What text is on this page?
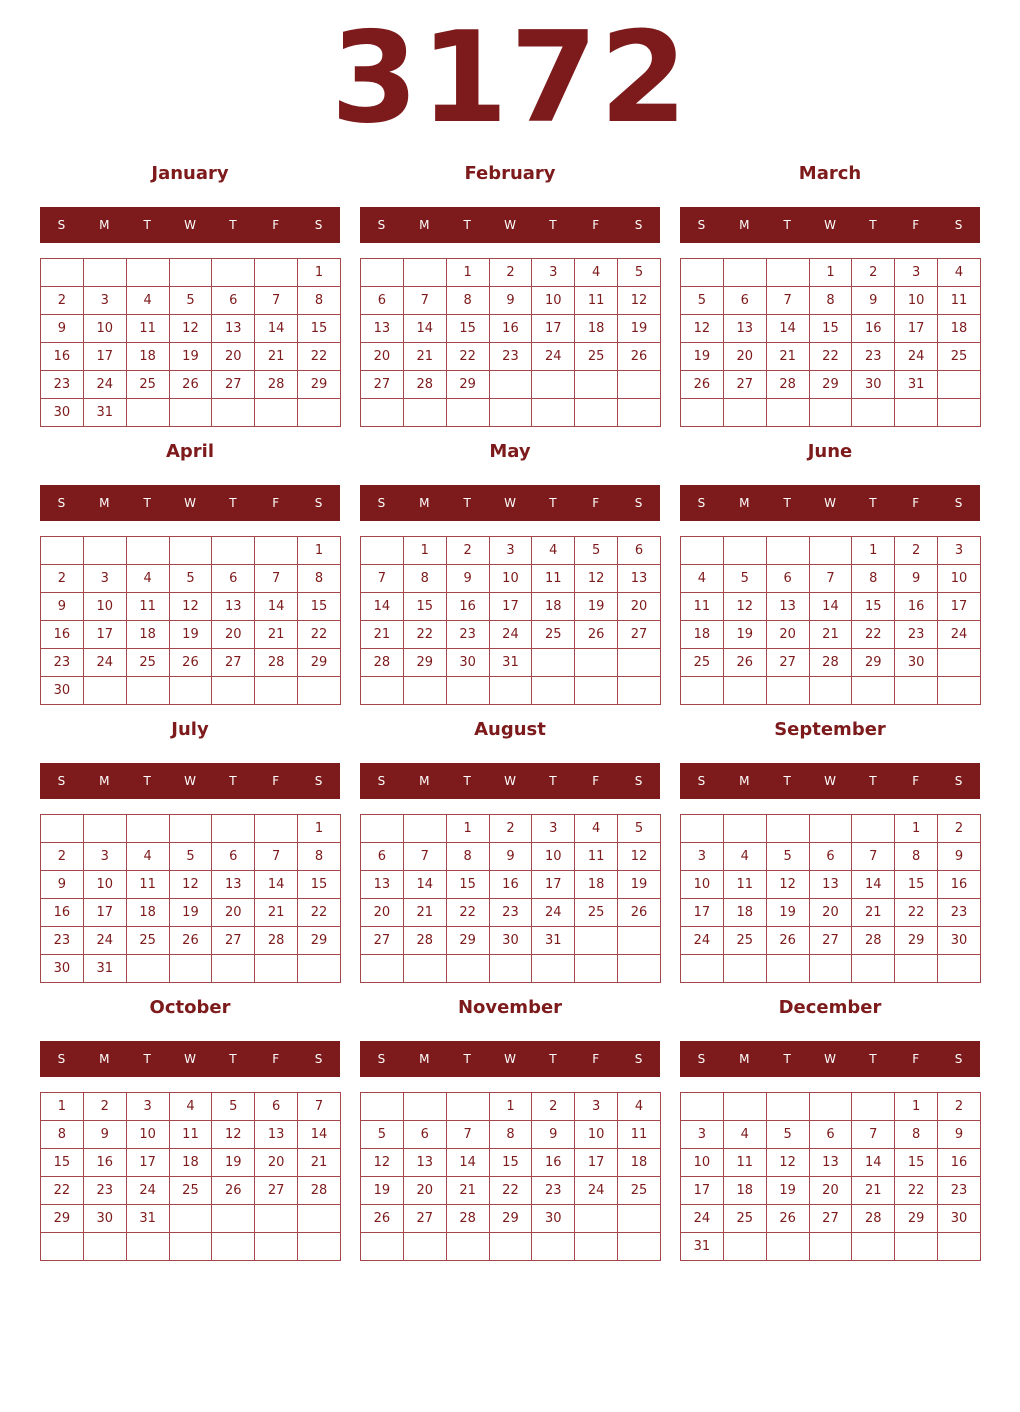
3172
January
S	M	T	W	T	F	S
						1
2	3	4	5	6	7	8
9	10	11	12	13	14	15
16	17	18	19	20	21	22
23	24	25	26	27	28	29
30	31					
February
S	M	T	W	T	F	S
		1	2	3	4	5
6	7	8	9	10	11	12
13	14	15	16	17	18	19
20	21	22	23	24	25	26
27	28	29				

March
S	M	T	W	T	F	S
			1	2	3	4
5	6	7	8	9	10	11
12	13	14	15	16	17	18
19	20	21	22	23	24	25
26	27	28	29	30	31	

April
S	M	T	W	T	F	S
						1
2	3	4	5	6	7	8
9	10	11	12	13	14	15
16	17	18	19	20	21	22
23	24	25	26	27	28	29
30						
May
S	M	T	W	T	F	S
	1	2	3	4	5	6
7	8	9	10	11	12	13
14	15	16	17	18	19	20
21	22	23	24	25	26	27
28	29	30	31			

June
S	M	T	W	T	F	S
				1	2	3
4	5	6	7	8	9	10
11	12	13	14	15	16	17
18	19	20	21	22	23	24
25	26	27	28	29	30	

July
S	M	T	W	T	F	S
						1
2	3	4	5	6	7	8
9	10	11	12	13	14	15
16	17	18	19	20	21	22
23	24	25	26	27	28	29
30	31					
August
S	M	T	W	T	F	S
		1	2	3	4	5
6	7	8	9	10	11	12
13	14	15	16	17	18	19
20	21	22	23	24	25	26
27	28	29	30	31		

September
S	M	T	W	T	F	S
					1	2
3	4	5	6	7	8	9
10	11	12	13	14	15	16
17	18	19	20	21	22	23
24	25	26	27	28	29	30

October
S	M	T	W	T	F	S
1	2	3	4	5	6	7
8	9	10	11	12	13	14
15	16	17	18	19	20	21
22	23	24	25	26	27	28
29	30	31				

November
S	M	T	W	T	F	S
			1	2	3	4
5	6	7	8	9	10	11
12	13	14	15	16	17	18
19	20	21	22	23	24	25
26	27	28	29	30		

December
S	M	T	W	T	F	S
					1	2
3	4	5	6	7	8	9
10	11	12	13	14	15	16
17	18	19	20	21	22	23
24	25	26	27	28	29	30
31						
